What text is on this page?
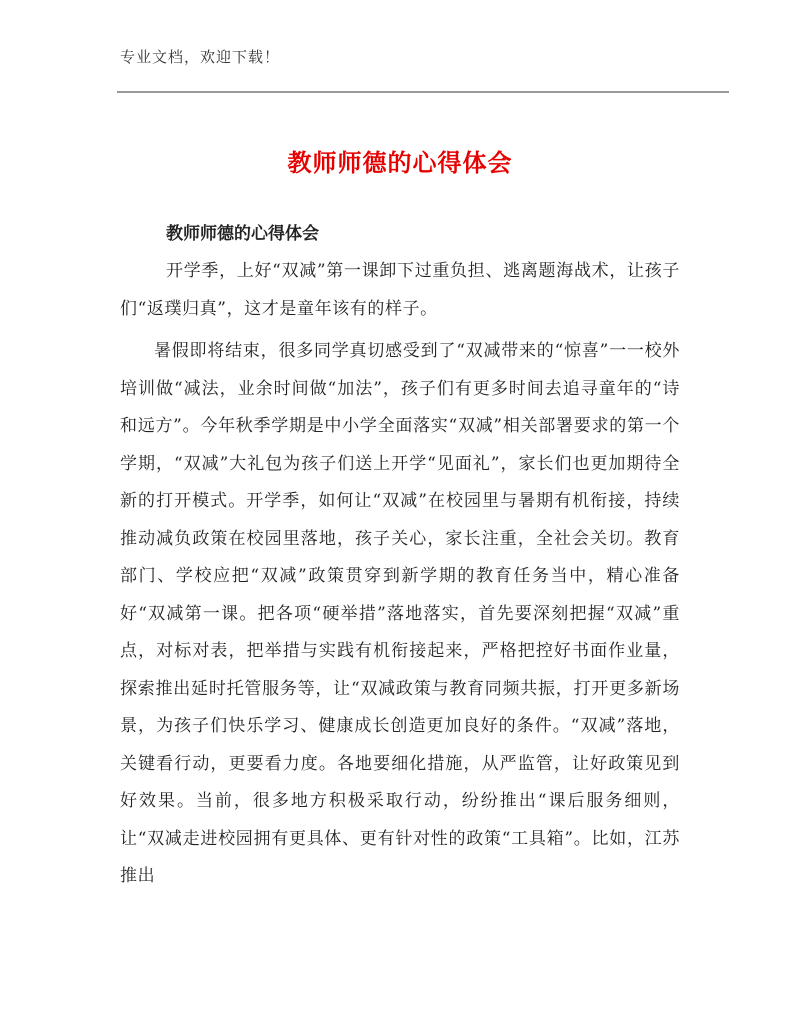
专业文档，欢迎下载！
教师师德的心得体会
教师师德的心得体会
开学季，上好“双减”第一课卸下过重负担、逃离题海战术，让孩子们“返璞归真”，这才是童年该有的样子。
暑假即将结束，很多同学真切感受到了“双减带来的“惊喜”一一校外培训做“减法，业余时间做“加法”，孩子们有更多时间去追寻童年的“诗和远方”。今年秋季学期是中小学全面落实“双减”相关部署要求的第一个学期，“双减”大礼包为孩子们送上开学“见面礼”，家长们也更加期待全新的打开模式。开学季，如何让“双减”在校园里与暑期有机衔接，持续推动减负政策在校园里落地，孩子关心，家长注重，全社会关切。教育部门、学校应把“双减”政策贯穿到新学期的教育任务当中，精心准备好“双减第一课。把各项“硬举措”落地落实，首先要深刻把握“双减”重点，对标对表，把举措与实践有机衔接起来，严格把控好书面作业量，探索推出延时托管服务等，让“双减政策与教育同频共振，打开更多新场景，为孩子们快乐学习、健康成长创造更加良好的条件。“双减”落地，关键看行动，更要看力度。各地要细化措施，从严监管，让好政策见到好效果。当前，很多地方积极采取行动，纷纷推出“课后服务细则，让“双减走进校园拥有更具体、更有针对性的政策“工具箱”。比如，江苏推出
